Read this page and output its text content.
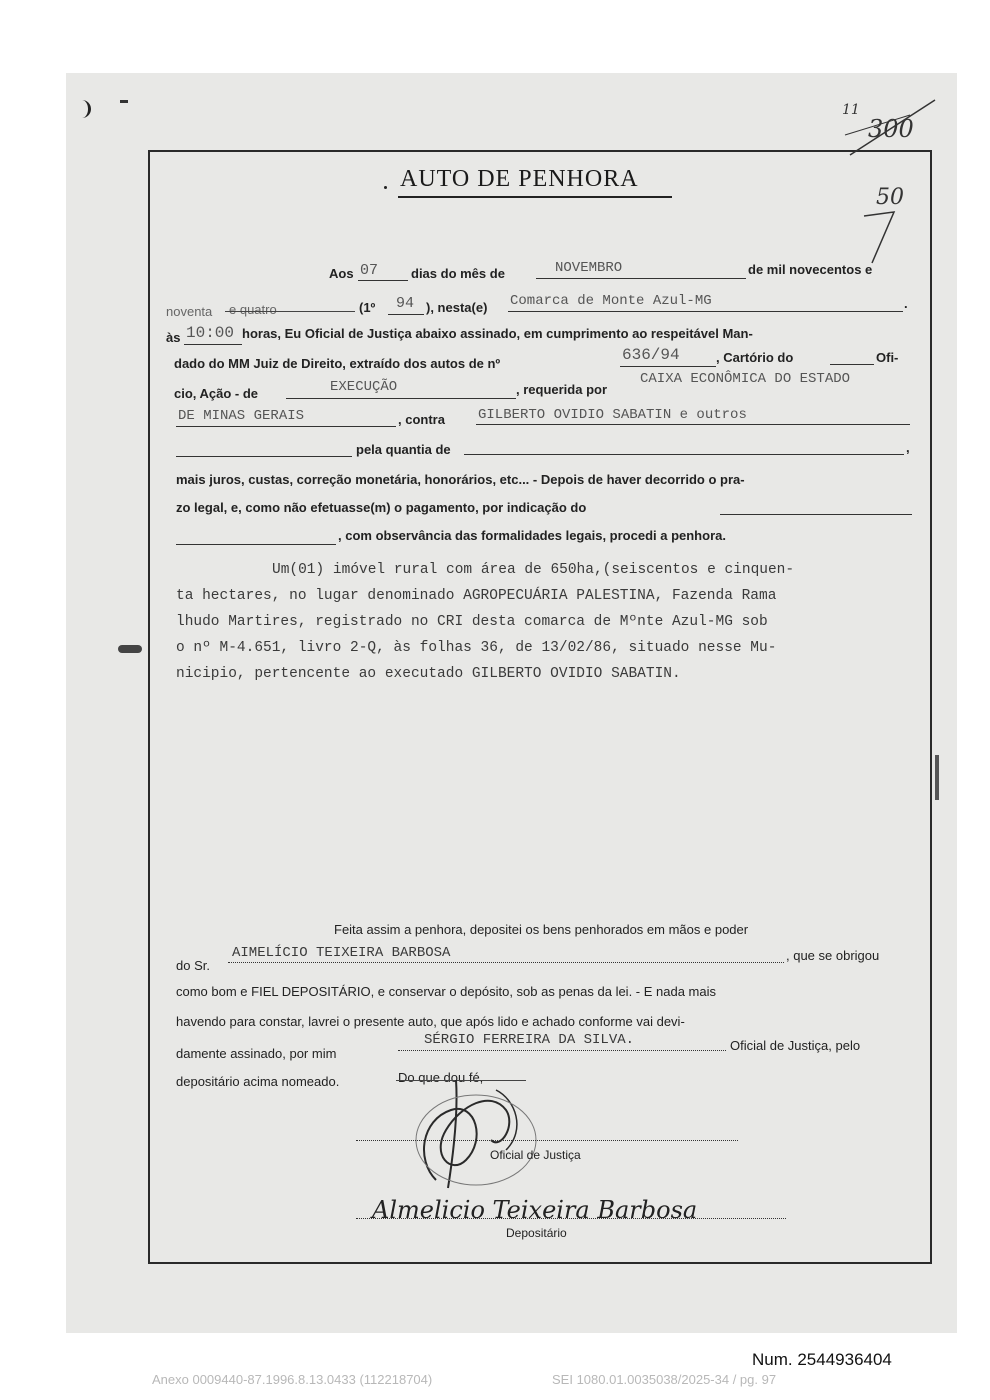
11
300
50
AUTO DE PENHORA
Aos 07	dias do mês de	NOVEMBRO	de mil novecentos e
noventa e quatro	(1º 94 ), nesta(e) Comarca de Monte Azul-MG	.
às 10:00 horas, Eu Oficial de Justiça abaixo assinado, em cumprimento ao respeitável Man-
dado do MM Juiz de Direito, extraído dos autos de nº	636/94	, Cartório do	Ofi-
cio, Ação - de	EXECUÇÃO	, requerida por
CAIXA ECONÔMICA DO ESTADO
DE MINAS GERAIS	, contra GILBERTO OVIDIO SABATIN e outros
pela quantia de	,
mais juros, custas, correção monetária, honorários, etc... - Depois de haver decorrido o pra-
zo legal, e, como não efetuasse(m) o pagamento, por indicação do
, com observância das formalidades legais, procedi a penhora.
Um(01) imóvel rural com área de 650ha,(seiscentos e cinquen-
ta hectares, no lugar denominado AGROPECUÁRIA PALESTINA, Fazenda Rama
lhudo Martires, registrado no CRI desta comarca de Mºnte Azul-MG sob
o nº M-4.651, livro 2-Q, às folhas 36, de 13/02/86, situado nesse Mu-
nicipio, pertencente ao executado GILBERTO OVIDIO SABATIN.
Feita assim a penhora, depositei os bens penhorados em mãos e poder
do Sr.
AIMELÍCIO TEIXEIRA BARBOSA	, que se obrigou
como bom e FIEL DEPOSITÁRIO, e conservar o depósito, sob as penas da lei. - E nada mais
havendo para constar, lavrei o presente auto, que após lido e achado conforme vai devi-
damente assinado, por mim
SÉRGIO FERREIRA DA SILVA.	Oficial de Justiça, pelo
depositário acima nomeado.	Do que dou fé,
Oficial de Justiça
Almelicio Teixeira Barbosa
Depositário
Num. 2544936404
Anexo 0009440-87.1996.8.13.0433 (112218704)	SEI 1080.01.0035038/2025-34 / pg. 97
